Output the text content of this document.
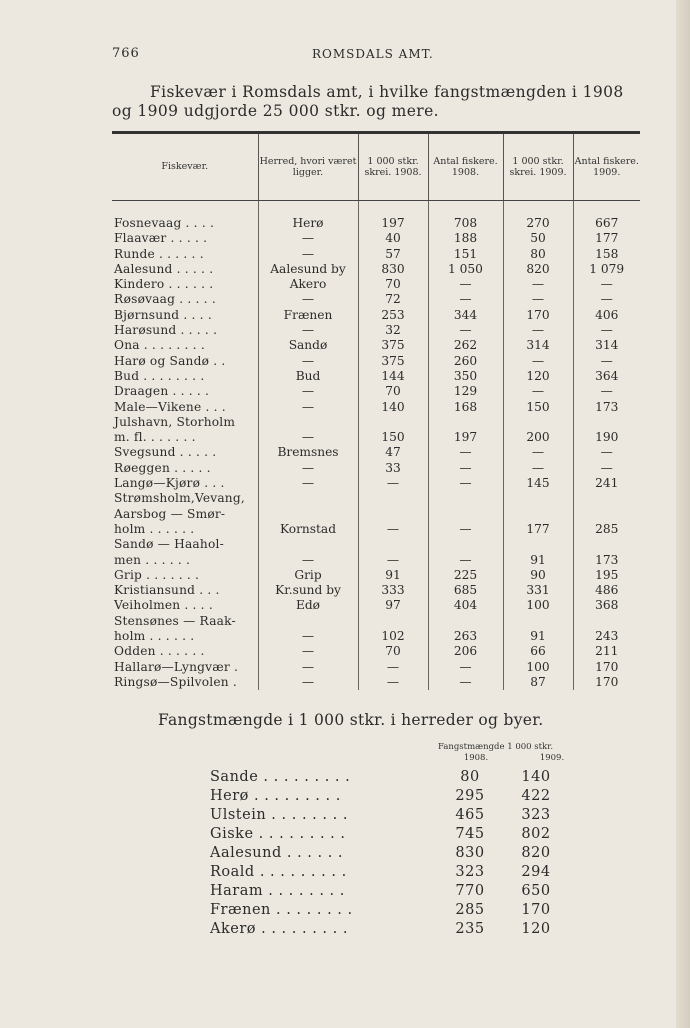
766	ROMSDALS AMT.
Fiskevær i Romsdals amt, i hvilke fangstmængden i 1908
og 1909 udgjorde 25 000 stkr. og mere.
Fiskevær.	Herred, hvori været ligger.	1 000 stkr. skrei. 1908.	Antal fiskere. 1908.	1 000 stkr. skrei. 1909.	Antal fiskere. 1909.

Fosnevaag . . . .	Herø	197	708	270	667
Flaavær . . . . .	—	40	188	50	177
Runde . . . . . .	—	57	151	80	158
Aalesund . . . . .	Aalesund by	830	1 050	820	1 079
Kindero . . . . . .	Akero	70	—	—	—
Røsøvaag . . . . .	—	72	—	—	—
Bjørnsund . . . .	Frænen	253	344	170	406
Harøsund . . . . .	—	32	—	—	—
Ona . . . . . . . .	Sandø	375	262	314	314
Harø og Sandø . .	—	375	260	—	—
Bud . . . . . . . .	Bud	144	350	120	364
Draagen . . . . .	—	70	129	—	—
Male—Vikene . . .	—	140	168	150	173
Julshavn, Storholm					
m. fl. . . . . . .	—	150	197	200	190
Svegsund . . . . .	Bremsnes	47	—	—	—
Røeggen . . . . .	—	33	—	—	—
Langø—Kjørø . . .	—	—	—	145	241
Strømsholm,Vevang,					
Aarsbog — Smør-					
holm . . . . . .	Kornstad	—	—	177	285
Sandø — Haahol-					
men . . . . . .	—	—	—	91	173
Grip . . . . . . .	Grip	91	225	90	195
Kristiansund . . .	Kr.sund by	333	685	331	486
Veiholmen . . . .	Edø	97	404	100	368
Stensønes — Raak-					
holm . . . . . .	—	102	263	91	243
Odden . . . . . .	—	70	206	66	211
Hallarø—Lyngvær .	—	—	—	100	170
Ringsø—Spilvolen .	—	—	—	87	170
Fangstmængde i 1 000 stkr. i herreder og byer.
Fangstmængde 1 000 stkr.
1908.	1909.
Sande . . . . . . . . .	80	140
Herø . . . . . . . . .	295	422
Ulstein . . . . . . . .	465	323
Giske . . . . . . . . .	745	802
Aalesund . . . . . .	830	820
Roald . . . . . . . . .	323	294
Haram . . . . . . . .	770	650
Frænen . . . . . . . .	285	170
Akerø . . . . . . . . .	235	120
